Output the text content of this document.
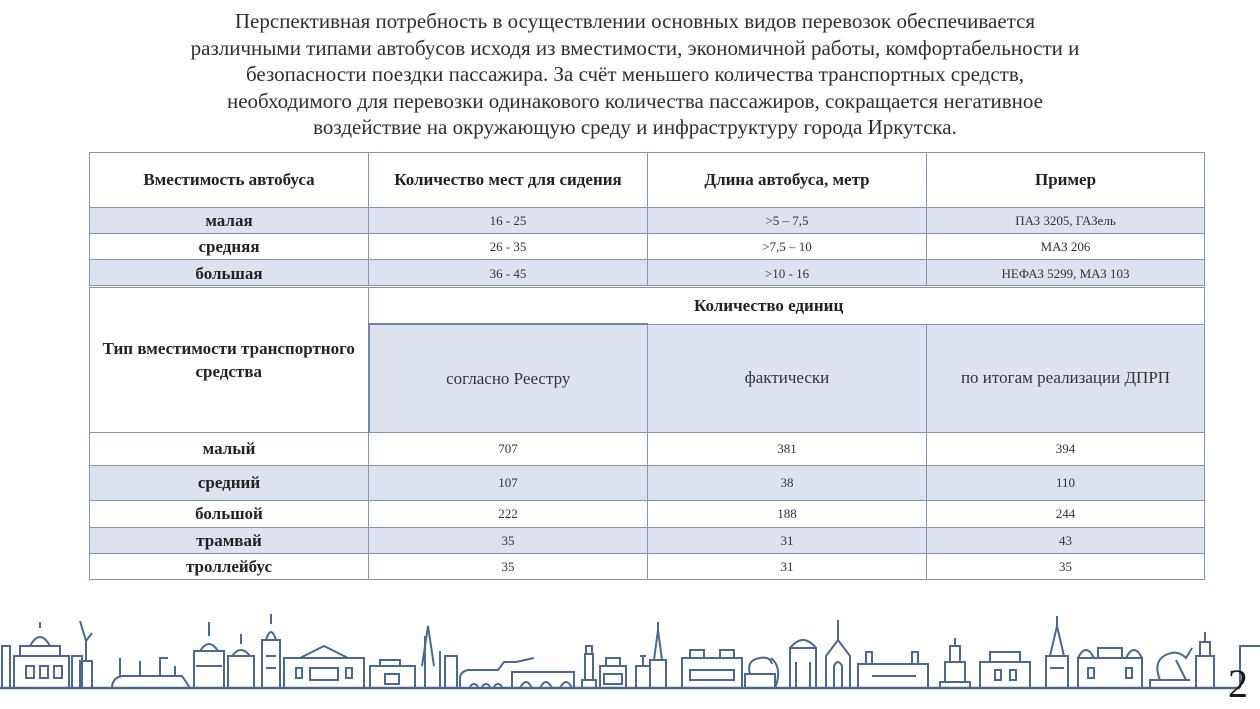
Перспективная потребность в осуществлении основных видов перевозок обеспечивается
различными типами автобусов исходя из вместимости, экономичной работы, комфортабельности и
безопасности поездки пассажира. За счёт меньшего количества транспортных средств,
необходимого для перевозки одинакового количества пассажиров, сокращается негативное
воздействие на окружающую среду и инфраструктуру города Иркутска.
Вместимость автобуса	Количество мест для сидения	Длина автобуса, метр	Пример
малая	16 - 25	>5 – 7,5	ПАЗ 3205, ГАЗель
средняя	26 - 35	>7,5 – 10	МАЗ 206

большая	36 - 45	>10 - 16	НЕФАЗ 5299, МАЗ 103
Тип вместимости транспортного средства	Количество единиц		
	согласно Реестру	фактически	по итогам реализации ДПРП
малый	707	381	394
средний	107	38	110
большой	222	188	244
трамвай	35	31	43
троллейбус	35	31	35
2
